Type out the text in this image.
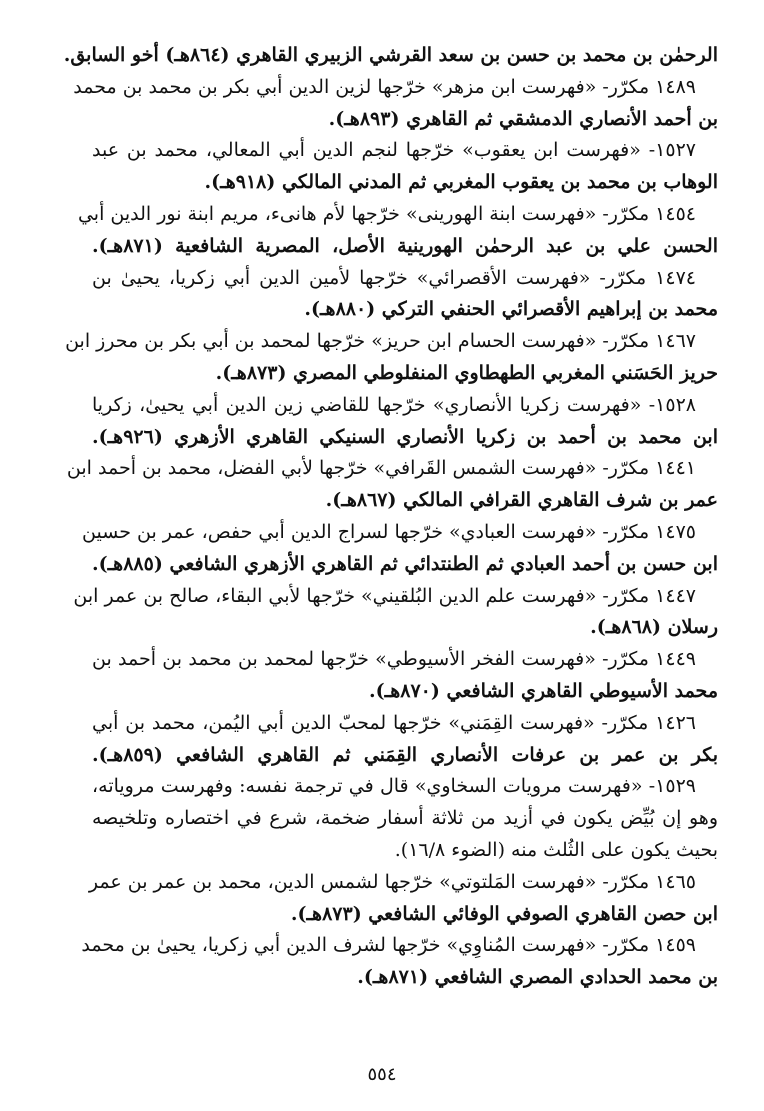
الرحمٰن بن محمد بن حسن بن سعد القرشي الزبيري القاهري (٨٦٤هـ) أخو السابق.
١٤٨٩ مكرّر- «فهرست ابن مزهر» خرّجها لزين الدين أبي بكر بن محمد بن محمد
بن أحمد الأنصاري الدمشقي ثم القاهري (٨٩٣هـ).
١٥٢٧- «فهرست ابن يعقوب» خرّجها لنجم الدين أبي المعالي، محمد بن عبد
الوهاب بن محمد بن يعقوب المغربي ثم المدني المالكي (٩١٨هـ).
١٤٥٤ مكرّر- «فهرست ابنة الهورينى» خرّجها لأم هانىء، مريم ابنة نور الدين أبي
الحسن علي بن عبد الرحمٰن الهورينية الأصل، المصرية الشافعية (٨٧١هـ).
١٤٧٤ مكرّر- «فهرست الأقصرائي» خرّجها لأمين الدين أبي زكريا، يحيىٰ بن
محمد بن إبراهيم الأقصرائي الحنفي التركي (٨٨٠هـ).
١٤٦٧ مكرّر- «فهرست الحسام ابن حريز» خرّجها لمحمد بن أبي بكر بن محرز ابن
حريز الحَسَني المغربي الطهطاوي المنفلوطي المصري (٨٧٣هـ).
١٥٢٨- «فهرست زكريا الأنصاري» خرّجها للقاضي زين الدين أبي يحيىٰ، زكريا
ابن محمد بن أحمد بن زكريا الأنصاري السنيكي القاهري الأزهري (٩٢٦هـ).
١٤٤١ مكرّر- «فهرست الشمس القَرافي» خرّجها لأبي الفضل، محمد بن أحمد ابن
عمر بن شرف القاهري القرافي المالكي (٨٦٧هـ).
١٤٧٥ مكرّر- «فهرست العبادي» خرّجها لسراج الدين أبي حفص، عمر بن حسين
ابن حسن بن أحمد العبادي ثم الطنتدائي ثم القاهري الأزهري الشافعي (٨٨٥هـ).
١٤٤٧ مكرّر- «فهرست علم الدين البُلقيني» خرّجها لأبي البقاء، صالح بن عمر ابن
رسلان (٨٦٨هـ).
١٤٤٩ مكرّر- «فهرست الفخر الأسيوطي» خرّجها لمحمد بن محمد بن أحمد بن
محمد الأسيوطي القاهري الشافعي (٨٧٠هـ).
١٤٢٦ مكرّر- «فهرست القِمَني» خرّجها لمحبّ الدين أبي اليُمن، محمد بن أبي
بكر بن عمر بن عرفات الأنصاري القِمَني ثم القاهري الشافعي (٨٥٩هـ).
١٥٢٩- «فهرست مرويات السخاوي» قال في ترجمة نفسه: وفهرست مروياته،
وهو إن بُيِّض يكون في أزيد من ثلاثة أسفار ضخمة، شرع في اختصاره وتلخيصه
بحيث يكون على الثُلث منه (الضوء ١٦/٨).
١٤٦٥ مكرّر- «فهرست المَلتوتي» خرّجها لشمس الدين، محمد بن عمر بن عمر
ابن حصن القاهري الصوفي الوفائي الشافعي (٨٧٣هـ).
١٤٥٩ مكرّر- «فهرست المُناوِي» خرّجها لشرف الدين أبي زكريا، يحيىٰ بن محمد
بن محمد الحدادي المصري الشافعي (٨٧١هـ).
٥٥٤
